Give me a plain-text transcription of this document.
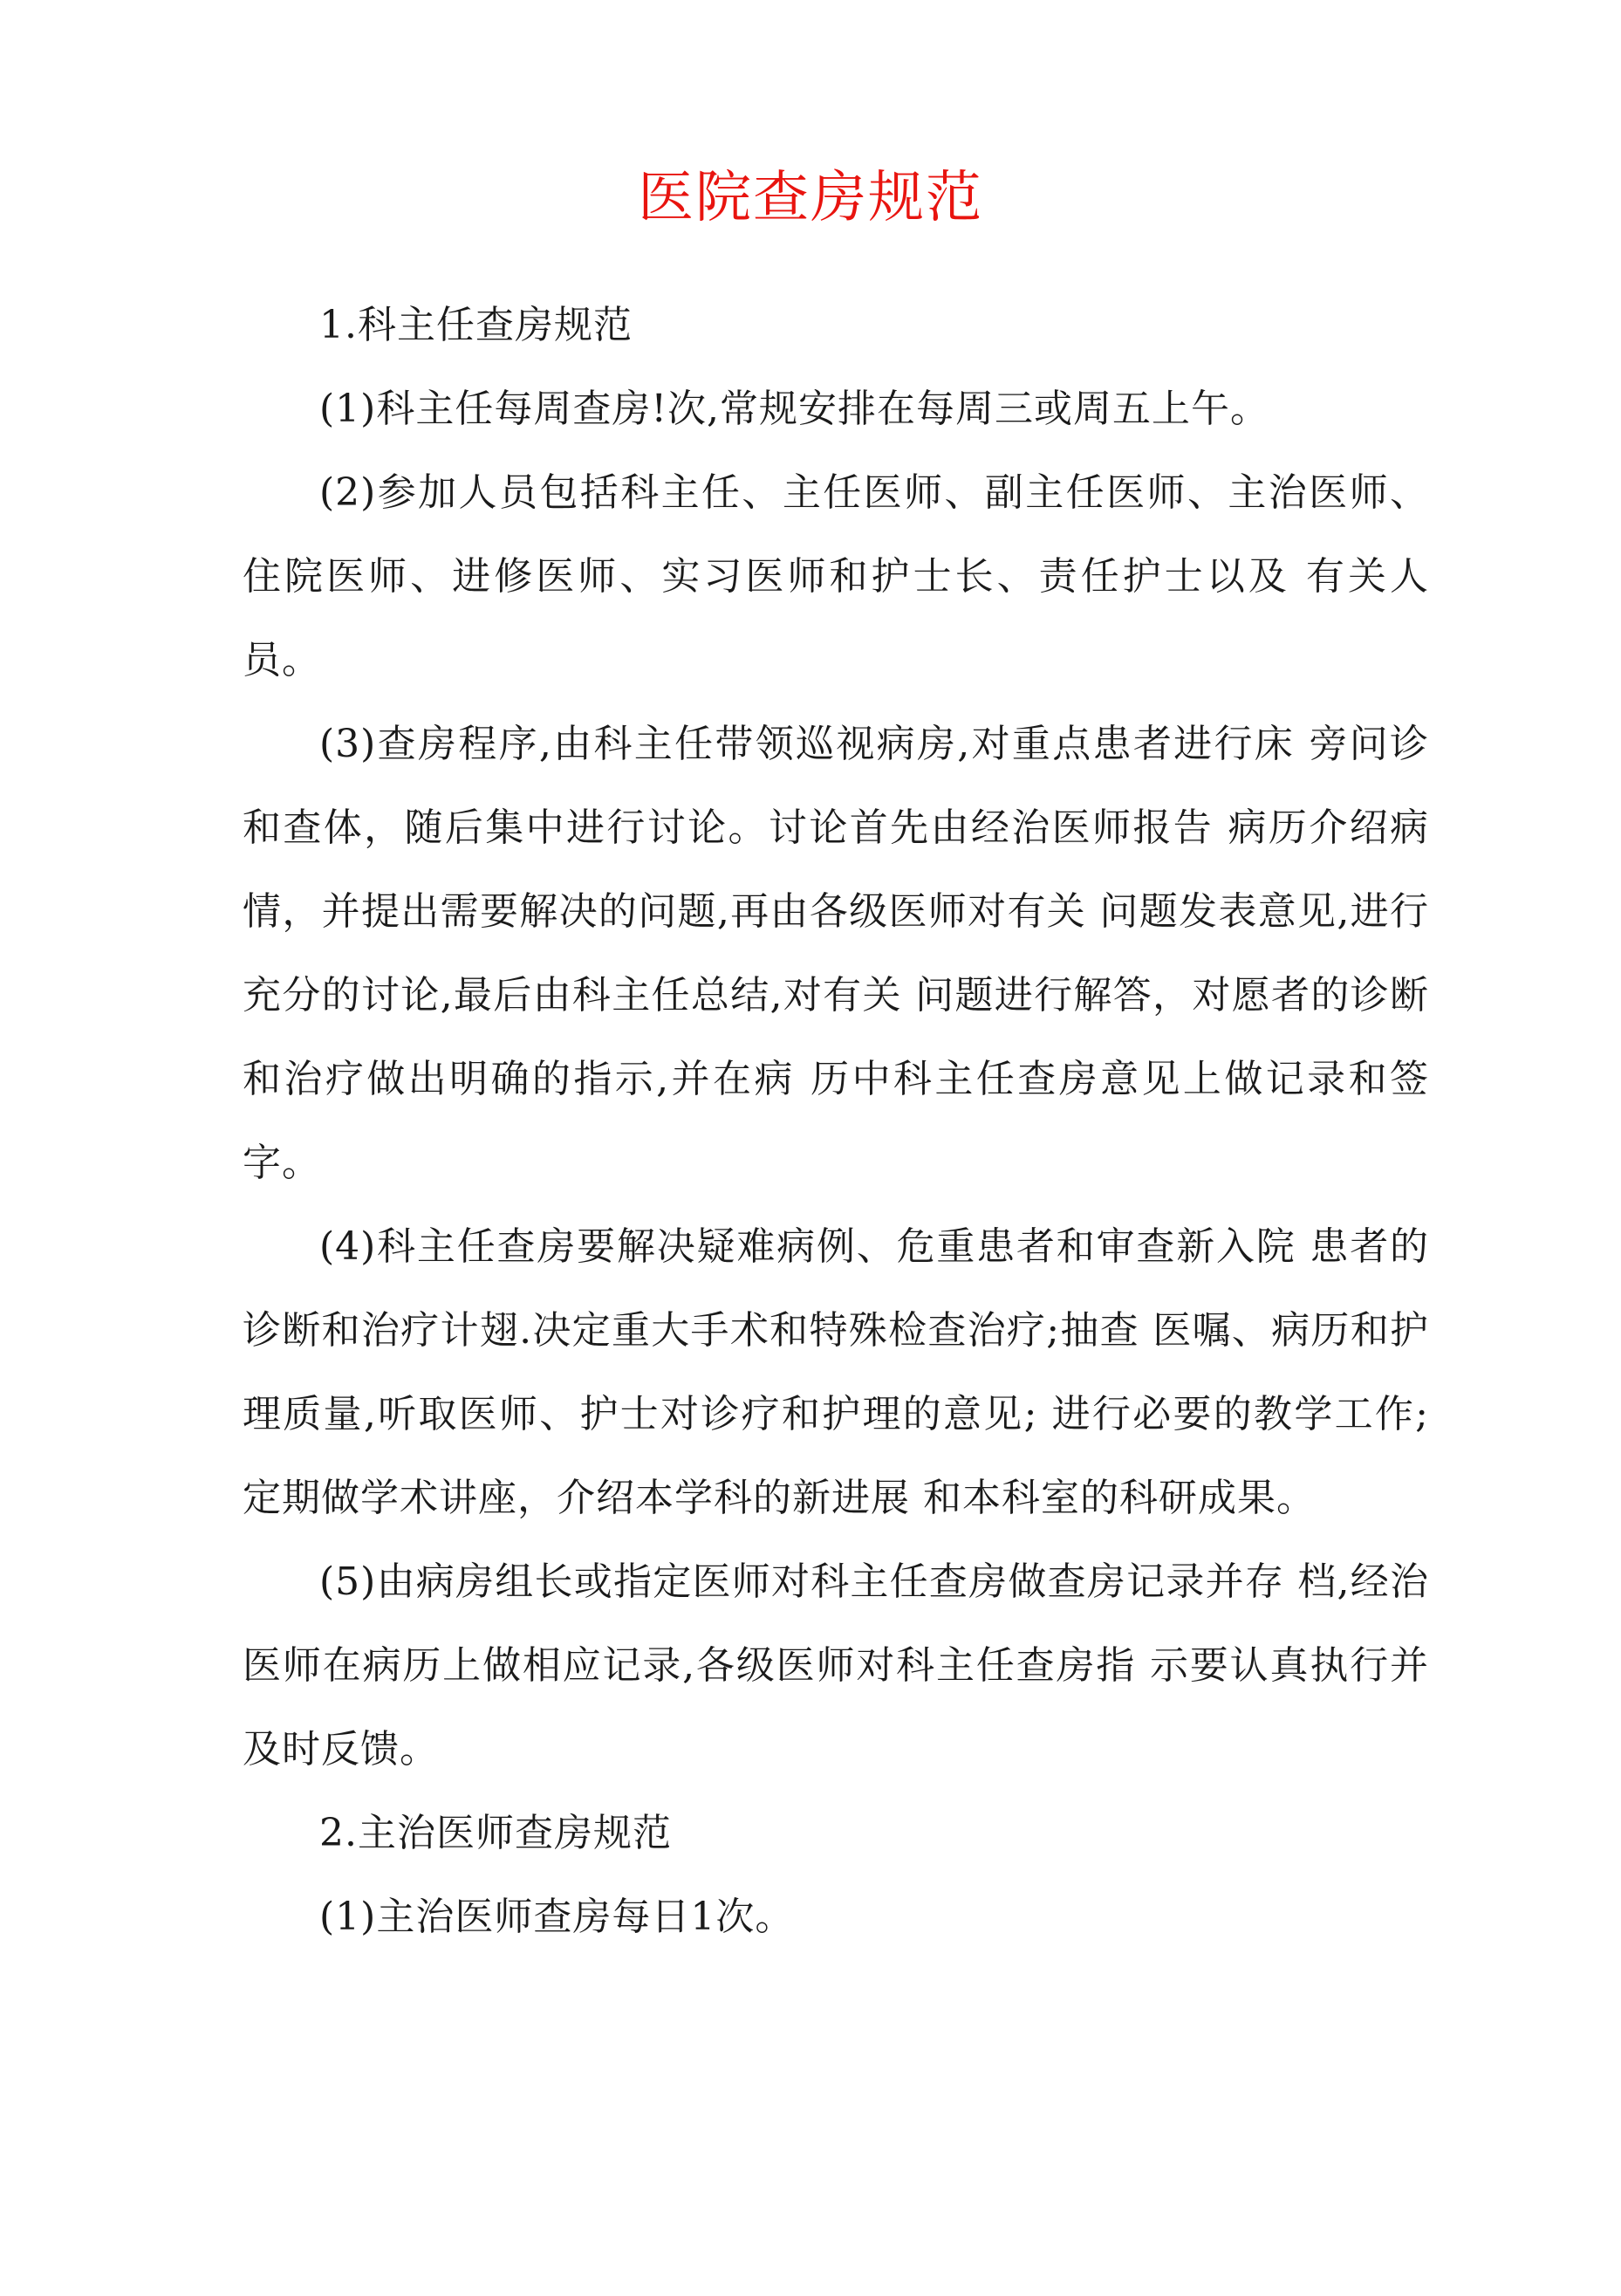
医院查房规范

1.科主任查房规范

(1)科主任每周查房!次,常规安排在每周三或周五上午。

(2)参加人员包括科主任、主任医师、副主任医师、主治医师、住院医师、进修医师、实习医师和护士长、责任护士以及 有关人员。

(3)查房程序,由科主任带领巡视病房,对重点患者进行床 旁问诊和查体，随后集中进行讨论。讨论首先由经治医师报告 病历介绍病情，并提出需要解决的问题,再由各级医师对有关 问题发表意见,进行充分的讨论,最后由科主任总结,对有关 问题进行解答，对愿者的诊断和治疗做出明确的指示,并在病 历中科主任查房意见上做记录和签字。

(4)科主任查房要解决疑难病例、危重患者和审查新入院 患者的诊断和治疗计翅.决定重大手术和特殊检查治疗;抽查 医嘱、病历和护理质量,听取医师、护士对诊疗和护理的意见; 进行必要的教学工作;定期做学术讲座，介绍本学科的新进展 和本科室的科研成果。

(5)由病房组长或指定医师对科主任查房做查房记录并存 档,经治医师在病历上做相应记录,各级医师对科主任查房指 示要认真执行并及时反馈。

2.主治医师查房规范

(1)主治医师查房每日1次。
